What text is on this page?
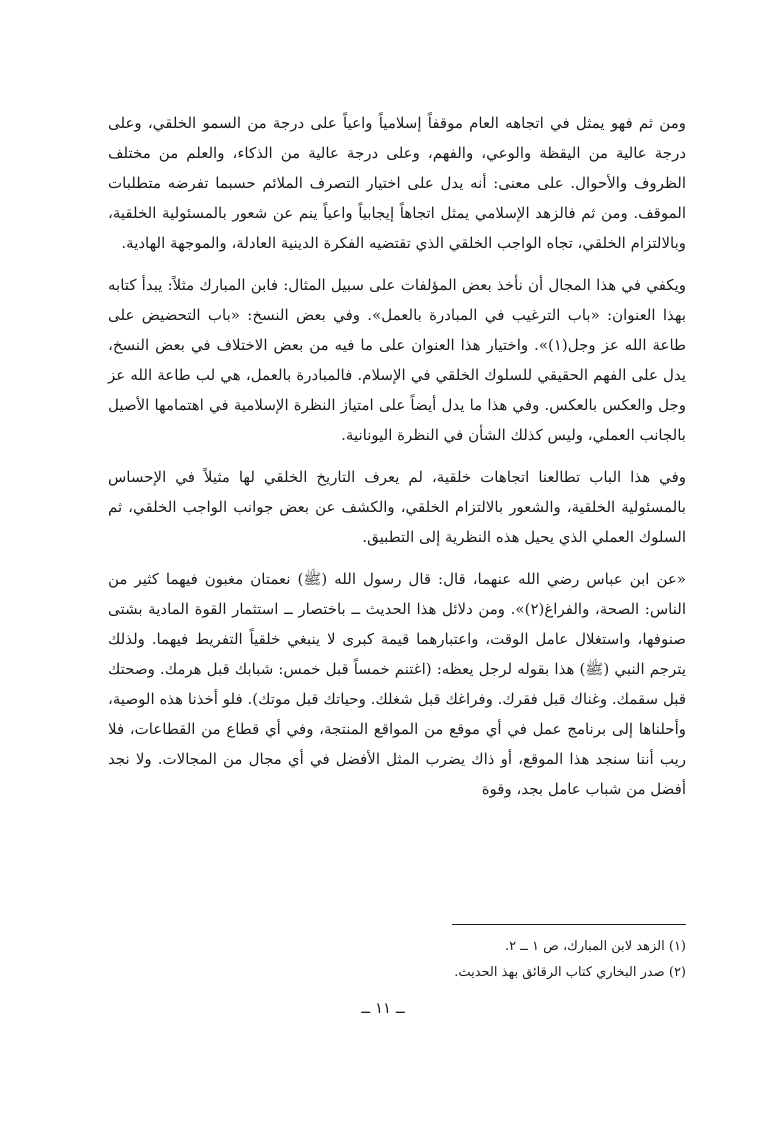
ومن ثم فهو يمثل في اتجاهه العام موقفاً إسلامياً واعياً على درجة من السمو الخلقي، وعلى درجة عالية من اليقظة والوعي، والفهم، وعلى درجة عالية من الذكاء، والعلم من مختلف الظروف والأحوال. على معنى: أنه يدل على اختيار التصرف الملائم حسبما تفرضه متطلبات الموقف. ومن ثم فالزهد الإسلامي يمثل اتجاهاً إيجابياً واعياً ينم عن شعور بالمسئولية الخلقية، وبالالتزام الخلقي، تجاه الواجب الخلقي الذي تقتضيه الفكرة الدينية العادلة، والموجهة الهادية.

ويكفي في هذا المجال أن نأخذ بعض المؤلفات على سبيل المثال: فابن المبارك مثلاً: يبدأ كتابه بهذا العنوان: «باب الترغيب في المبادرة بالعمل». وفي بعض النسخ: «باب التحضيض على طاعة الله عز وجل(١)». واختيار هذا العنوان على ما فيه من بعض الاختلاف في بعض النسخ، يدل على الفهم الحقيقي للسلوك الخلقي في الإسلام. فالمبادرة بالعمل، هي لب طاعة الله عز وجل والعكس بالعكس. وفي هذا ما يدل أيضاً على امتياز النظرة الإسلامية في اهتمامها الأصيل بالجانب العملي، وليس كذلك الشأن في النظرة اليونانية.

وفي هذا الباب تطالعنا اتجاهات خلقية، لم يعرف التاريخ الخلقي لها مثيلاً في الإحساس بالمسئولية الخلقية، والشعور بالالتزام الخلقي، والكشف عن بعض جوانب الواجب الخلقي، ثم السلوك العملي الذي يحيل هذه النظرية إلى التطبيق.

«عن ابن عباس رضي الله عنهما، قال: قال رسول الله (ﷺ) نعمتان مغبون فيهما كثير من الناس: الصحة، والفراغ(٢)». ومن دلائل هذا الحديث ــ باختصار ــ استثمار القوة المادية بشتى صنوفها، واستغلال عامل الوقت، واعتبارهما قيمة كبرى لا ينبغي خلقياً التفريط فيهما. ولذلك يترجم النبي (ﷺ) هذا بقوله لرجل يعظه: (اغتنم خمساً قبل خمس: شبابك قبل هرمك. وصحتك قبل سقمك. وغناك قبل فقرك. وفراغك قبل شغلك. وحياتك قبل موتك). فلو أخذنا هذه الوصية، وأحلناها إلى برنامج عمل في أي موقع من المواقع المنتجة، وفي أي قطاع من القطاعات، فلا ريب أننا سنجد هذا الموقع، أو ذاك يضرب المثل الأفضل في أي مجال من المجالات. ولا نجد أفضل من شباب عامل بجد، وقوة

(١) الزهد لابن المبارك، ص ١ ــ ٢.

(٢) صدر البخاري كتاب الرقائق بهذ الحديث.

ــ ١١ ــ
